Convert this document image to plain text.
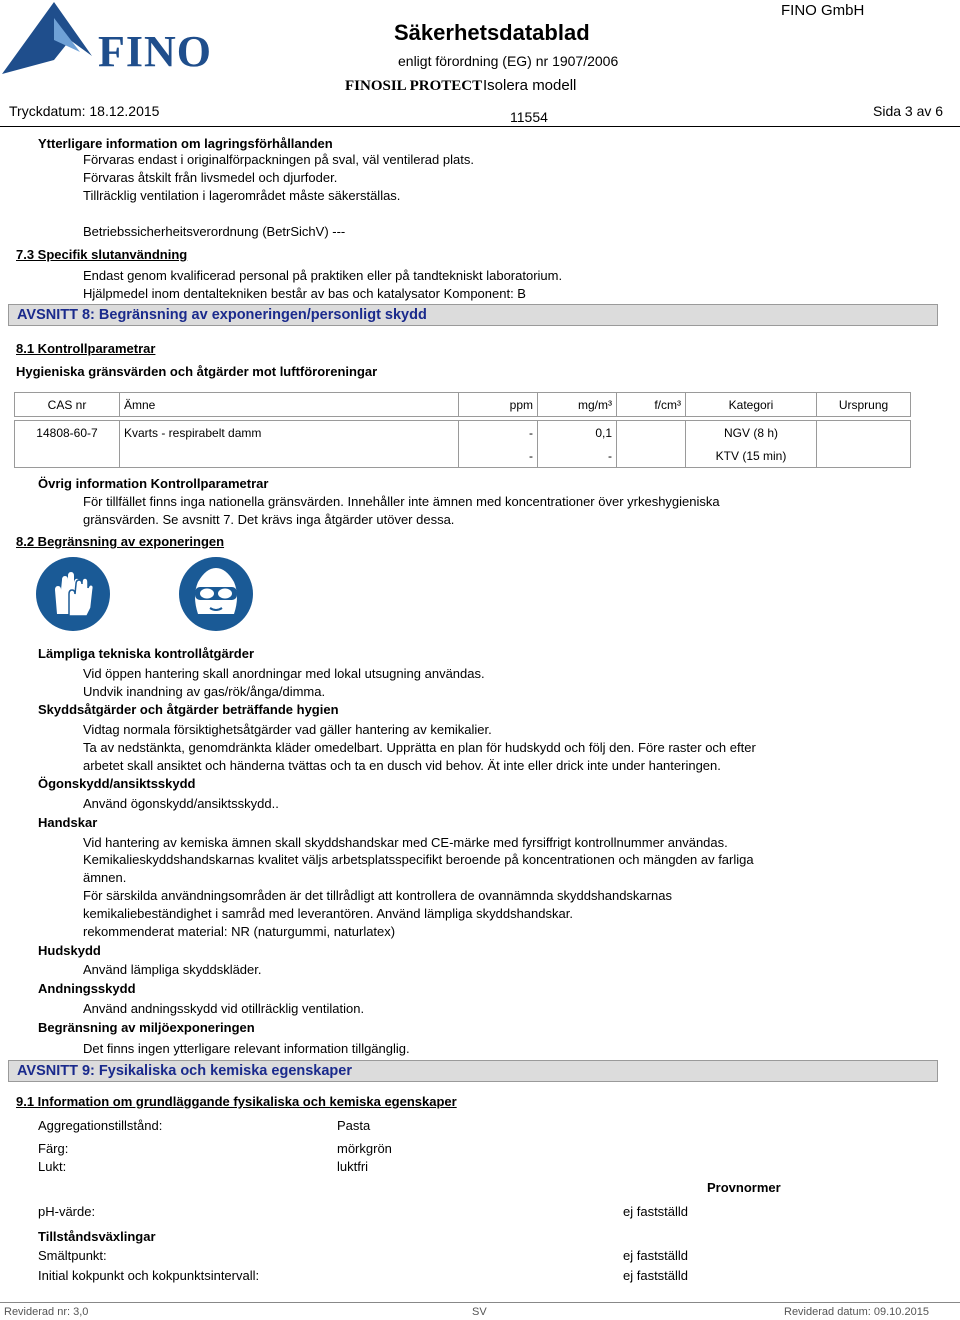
FINO	Säkerhetsdatablad
enligt förordning (EG) nr 1907/2006
FINO GmbH
FINOSIL PROTECT Isolera modell
Tryckdatum: 18.12.2015	11554	Sida 3 av 6
Ytterligare information om lagringsförhållanden
Förvaras endast i originalförpackningen på sval, väl ventilerad plats.
Förvaras åtskilt från livsmedel och djurfoder.
Tillräcklig ventilation i lagerområdet måste säkerställas.
Betriebssicherheitsverordnung (BetrSichV) ---
7.3 Specifik slutanvändning
Endast genom kvalificerad personal på praktiken eller på tandtekniskt laboratorium.
Hjälpmedel inom dentaltekniken består av bas och katalysator Komponent: B
AVSNITT 8: Begränsning av exponeringen/personligt skydd
8.1 Kontrollparametrar
Hygieniska gränsvärden och åtgärder mot luftföroreningar
CAS nr	Ämne	ppm	mg/m³	f/cm³	Kategori	Ursprung

14808-60-7	Kvarts - respirabelt damm	-	0,1		NGV (8 h)	
		-	-		KTV (15 min)	
Övrig information Kontrollparametrar
För tillfället finns inga nationella gränsvärden. Innehåller inte ämnen med koncentrationer över yrkeshygieniska
gränsvärden. Se avsnitt 7. Det krävs inga åtgärder utöver dessa.
8.2 Begränsning av exponeringen
Lämpliga tekniska kontrollåtgärder
Vid öppen hantering skall anordningar med lokal utsugning användas.
Undvik inandning av gas/rök/ånga/dimma.
Skyddsåtgärder och åtgärder beträffande hygien
Vidtag normala försiktighetsåtgärder vad gäller hantering av kemikalier.
Ta av nedstänkta, genomdränkta kläder omedelbart. Upprätta en plan för hudskydd och följ den. Före raster och efter
arbetet skall ansiktet och händerna tvättas och ta en dusch vid behov. Ät inte eller drick inte under hanteringen.
Ögonskydd/ansiktsskydd
Använd ögonskydd/ansiktsskydd..
Handskar
Vid hantering av kemiska ämnen skall skyddshandskar med CE-märke med fyrsiffrigt kontrollnummer användas.
Kemikalieskyddshandskarnas kvalitet väljs arbetsplatsspecifikt beroende på koncentrationen och mängden av farliga
ämnen.
För särskilda användningsområden är det tillrådligt att kontrollera de ovannämnda skyddshandskarnas
kemikaliebeständighet i samråd med leverantören. Använd lämpliga skyddshandskar.
rekommenderat material: NR (naturgummi, naturlatex)
Hudskydd
Använd lämpliga skyddskläder.
Andningsskydd
Använd andningsskydd vid otillräcklig ventilation.
Begränsning av miljöexponeringen
Det finns ingen ytterligare relevant information tillgänglig.
AVSNITT 9: Fysikaliska och kemiska egenskaper
9.1 Information om grundläggande fysikaliska och kemiska egenskaper
Aggregationstillstånd:	Pasta
Färg:	mörkgrön
Lukt:	luktfri
Provnormer
pH-värde:	ej fastställd
Tillståndsväxlingar
Smältpunkt:	ej fastställd
Initial kokpunkt och kokpunktsintervall:	ej fastställd
Reviderad nr: 3,0	SV	Reviderad datum: 09.10.2015
